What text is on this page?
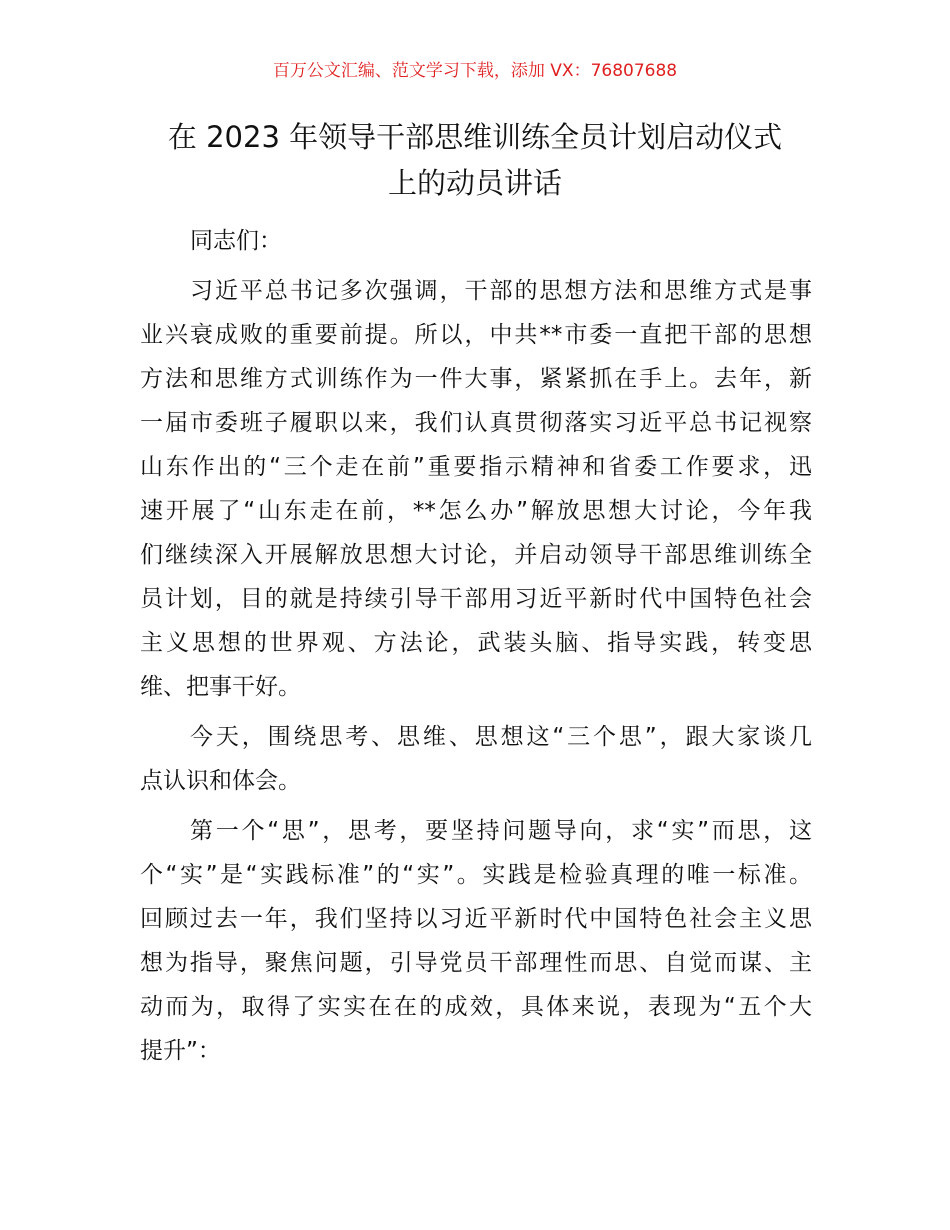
百万公文汇编、范文学习下载，添加 VX：76807688
在 2023 年领导干部思维训练全员计划启动仪式
上的动员讲话
同志们：
习近平总书记多次强调，干部的思想方法和思维方式是事
业兴衰成败的重要前提。所以，中共**市委一直把干部的思想
方法和思维方式训练作为一件大事，紧紧抓在手上。去年，新
一届市委班子履职以来，我们认真贯彻落实习近平总书记视察
山东作出的“三个走在前”重要指示精神和省委工作要求，迅
速开展了“山东走在前，**怎么办”解放思想大讨论，今年我
们继续深入开展解放思想大讨论，并启动领导干部思维训练全
员计划，目的就是持续引导干部用习近平新时代中国特色社会
主义思想的世界观、方法论，武装头脑、指导实践，转变思
维、把事干好。
今天，围绕思考、思维、思想这“三个思”，跟大家谈几
点认识和体会。
第一个“思”，思考，要坚持问题导向，求“实”而思，这
个“实”是“实践标准”的“实”。实践是检验真理的唯一标准。
回顾过去一年，我们坚持以习近平新时代中国特色社会主义思
想为指导，聚焦问题，引导党员干部理性而思、自觉而谋、主
动而为，取得了实实在在的成效，具体来说，表现为“五个大
提升”：
